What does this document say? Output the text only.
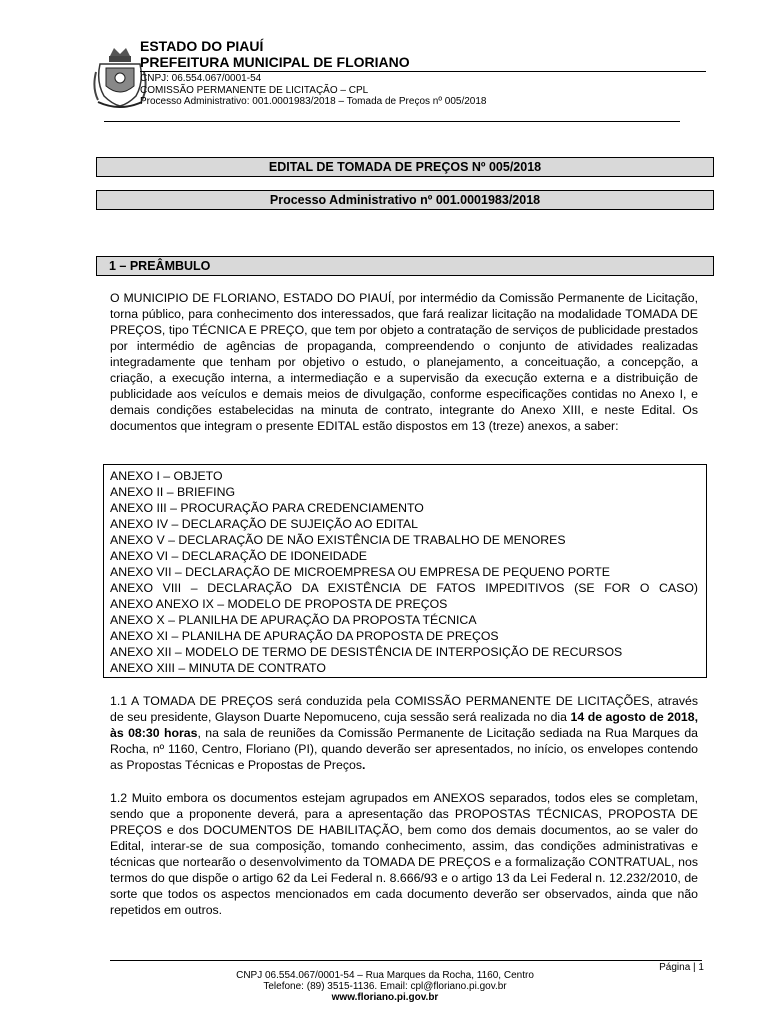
ESTADO DO PIAUÍ
PREFEITURA MUNICIPAL DE FLORIANO
CNPJ: 06.554.067/0001-54
COMISSÃO PERMANENTE DE LICITAÇÃO – CPL
Processo Administrativo: 001.0001983/2018 – Tomada de Preços nº 005/2018
EDITAL DE TOMADA DE PREÇOS Nº 005/2018
Processo Administrativo nº 001.0001983/2018
1 – PREÂMBULO
O MUNICIPIO DE FLORIANO, ESTADO DO PIAUÍ, por intermédio da Comissão Permanente de Licitação, torna público, para conhecimento dos interessados, que fará realizar licitação na modalidade TOMADA DE PREÇOS, tipo TÉCNICA E PREÇO, que tem por objeto a contratação de serviços de publicidade prestados por intermédio de agências de propaganda, compreendendo o conjunto de atividades realizadas integradamente que tenham por objetivo o estudo, o planejamento, a conceituação, a concepção, a criação, a execução interna, a intermediação e a supervisão da execução externa e a distribuição de publicidade aos veículos e demais meios de divulgação, conforme especificações contidas no Anexo I, e demais condições estabelecidas na minuta de contrato, integrante do Anexo XIII, e neste Edital. Os documentos que integram o presente EDITAL estão dispostos em 13 (treze) anexos, a saber:
ANEXO I – OBJETO
ANEXO II – BRIEFING
ANEXO III – PROCURAÇÃO PARA CREDENCIAMENTO
ANEXO IV – DECLARAÇÃO DE SUJEIÇÃO AO EDITAL
ANEXO V – DECLARAÇÃO DE NÃO EXISTÊNCIA DE TRABALHO DE MENORES
ANEXO VI – DECLARAÇÃO DE IDONEIDADE
ANEXO VII – DECLARAÇÃO DE MICROEMPRESA OU EMPRESA DE PEQUENO PORTE
ANEXO VIII – DECLARAÇÃO DA EXISTÊNCIA DE FATOS IMPEDITIVOS (SE FOR O CASO)
ANEXO ANEXO IX – MODELO DE PROPOSTA DE PREÇOS
ANEXO X – PLANILHA DE APURAÇÃO DA PROPOSTA TÉCNICA
ANEXO XI – PLANILHA DE APURAÇÃO DA PROPOSTA DE PREÇOS
ANEXO XII – MODELO DE TERMO DE DESISTÊNCIA DE INTERPOSIÇÃO DE RECURSOS
ANEXO XIII – MINUTA DE CONTRATO
1.1 A TOMADA DE PREÇOS será conduzida pela COMISSÃO PERMANENTE DE LICITAÇÕES, através de seu presidente, Glayson Duarte Nepomuceno, cuja sessão será realizada no dia 14 de agosto de 2018, às 08:30 horas, na sala de reuniões da Comissão Permanente de Licitação sediada na Rua Marques da Rocha, nº 1160, Centro, Floriano (PI), quando deverão ser apresentados, no início, os envelopes contendo as Propostas Técnicas e Propostas de Preços.
1.2 Muito embora os documentos estejam agrupados em ANEXOS separados, todos eles se completam, sendo que a proponente deverá, para a apresentação das PROPOSTAS TÉCNICAS, PROPOSTA DE PREÇOS e dos DOCUMENTOS DE HABILITAÇÃO, bem como dos demais documentos, ao se valer do Edital, interar-se de sua composição, tomando conhecimento, assim, das condições administrativas e técnicas que nortearão o desenvolvimento da TOMADA DE PREÇOS e a formalização CONTRATUAL, nos termos do que dispõe o artigo 62 da Lei Federal n. 8.666/93 e o artigo 13 da Lei Federal n. 12.232/2010, de sorte que todos os aspectos mencionados em cada documento deverão ser observados, ainda que não repetidos em outros.
Página | 1
CNPJ 06.554.067/0001-54 – Rua Marques da Rocha, 1160, Centro
Telefone: (89) 3515-1136. Email: cpl@floriano.pi.gov.br
www.floriano.pi.gov.br
